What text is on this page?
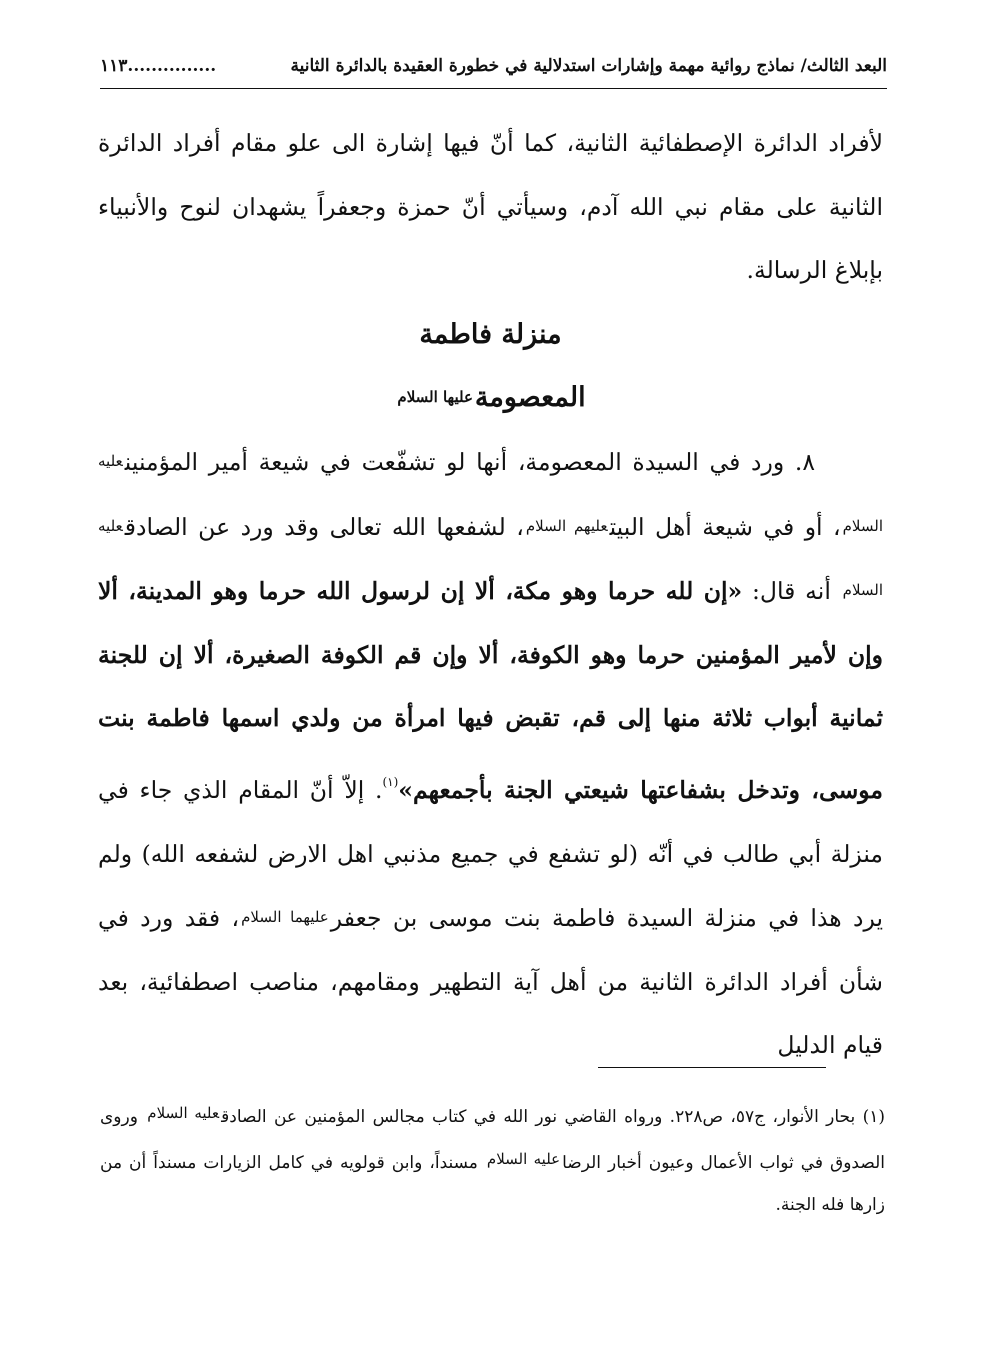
البعد الثالث/ نماذج روائية مهمة وإشارات استدلالية في خطورة العقيدة بالدائرة الثانية
...............١١٣

لأفراد الدائرة الإصطفائية الثانية، كما أنّ فيها إشارة الى علو مقام أفراد الدائرة الثانية على مقام نبي الله آدم، وسيأتي أنّ حمزة وجعفراً يشهدان لنوح والأنبياء بإبلاغ الرسالة.

منزلة فاطمة

المعصومةعليها السلام

٨. ورد في السيدة المعصومة، أنها لو تشفّعت في شيعة أمير المؤمنينعليه السلام، أو في شيعة أهل البيتعليهم السلام، لشفعها الله تعالى وقد ورد عن الصادقعليه السلام أنه قال: «إن لله حرما وهو مكة، ألا إن لرسول الله حرما وهو المدينة، ألا وإن لأمير المؤمنين حرما وهو الكوفة، ألا وإن قم الكوفة الصغيرة، ألا إن للجنة ثمانية أبواب ثلاثة منها إلى قم، تقبض فيها امرأة من ولدي اسمها فاطمة بنت موسى، وتدخل بشفاعتها شيعتي الجنة بأجمعهم»$^{(١)}$. إلاّ أنّ المقام الذي جاء في منزلة أبي طالب في أنّه (لو تشفع في جميع مذنبي اهل الارض لشفعه الله) ولم يرد هذا في منزلة السيدة فاطمة بنت موسى بن جعفرعليهما السلام، فقد ورد في شأن أفراد الدائرة الثانية من أهل آية التطهير ومقامهم، مناصب اصطفائية، بعد قيام الدليل

(١) بحار الأنوار، ج٥٧، ص٢٢٨. ورواه القاضي نور الله في كتاب مجالس المؤمنين عن الصادقعليه السلام وروى الصدوق في ثواب الأعمال وعيون أخبار الرضاعليه السلام مسنداً، وابن قولويه في كامل الزيارات مسنداً أن من زارها فله الجنة.
